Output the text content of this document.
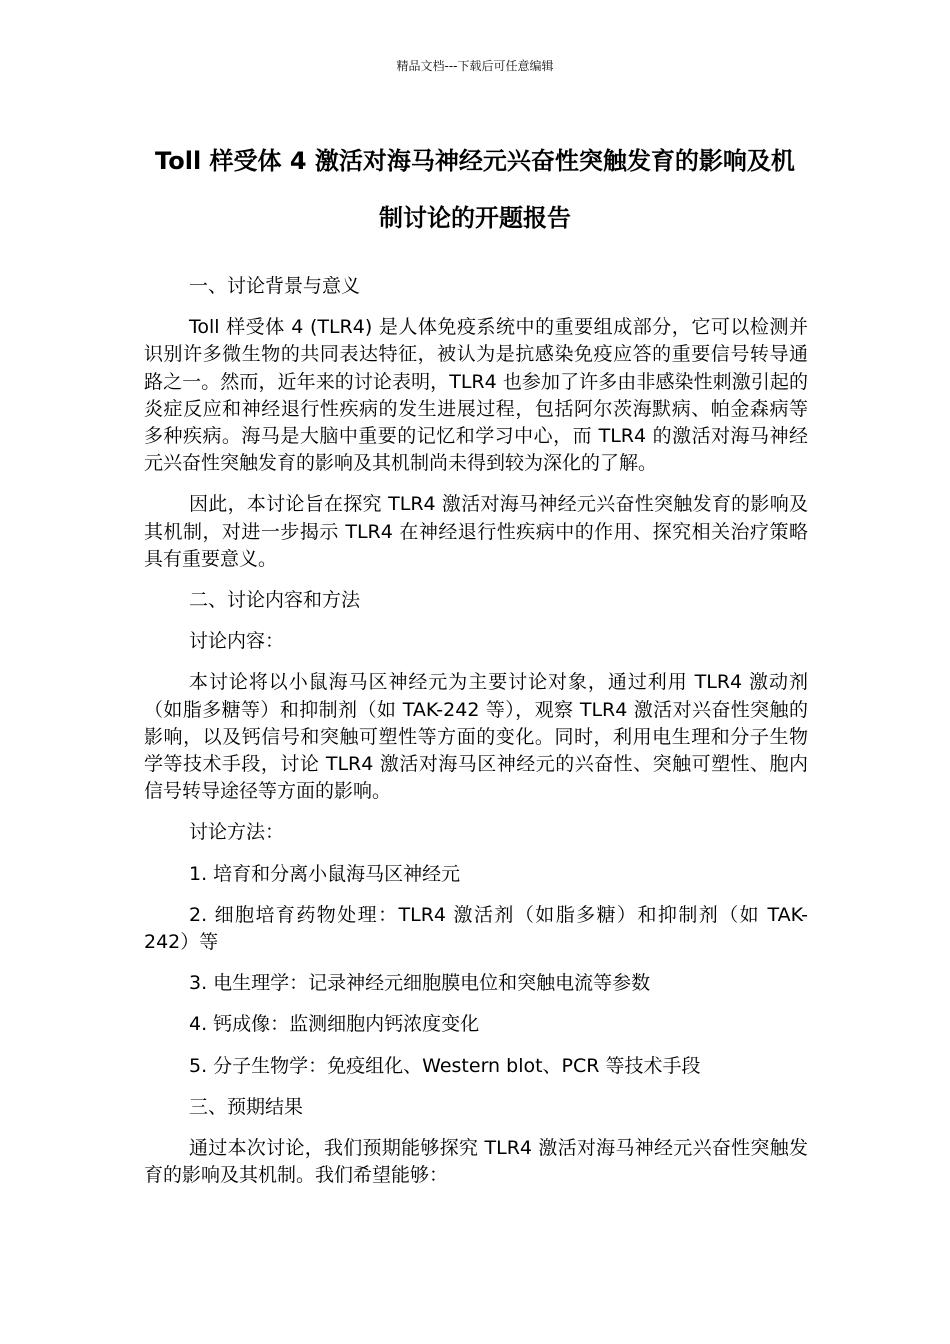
精品文档---下载后可任意编辑
Toll 样受体 4 激活对海马神经元兴奋性突触发育的影响及机制讨论的开题报告

一、讨论背景与意义

Toll 样受体 4 (TLR4) 是人体免疫系统中的重要组成部分，它可以检测并识别许多微生物的共同表达特征，被认为是抗感染免疫应答的重要信号转导通路之一。然而，近年来的讨论表明，TLR4 也参加了许多由非感染性刺激引起的炎症反应和神经退行性疾病的发生进展过程，包括阿尔茨海默病、帕金森病等多种疾病。海马是大脑中重要的记忆和学习中心，而 TLR4 的激活对海马神经元兴奋性突触发育的影响及其机制尚未得到较为深化的了解。

因此，本讨论旨在探究 TLR4 激活对海马神经元兴奋性突触发育的影响及其机制，对进一步揭示 TLR4 在神经退行性疾病中的作用、探究相关治疗策略具有重要意义。

二、讨论内容和方法

讨论内容：

本讨论将以小鼠海马区神经元为主要讨论对象，通过利用 TLR4 激动剂（如脂多糖等）和抑制剂（如 TAK-242 等），观察 TLR4 激活对兴奋性突触的影响，以及钙信号和突触可塑性等方面的变化。同时，利用电生理和分子生物学等技术手段，讨论 TLR4 激活对海马区神经元的兴奋性、突触可塑性、胞内信号转导途径等方面的影响。

讨论方法：

1. 培育和分离小鼠海马区神经元

2. 细胞培育药物处理：TLR4 激活剂（如脂多糖）和抑制剂（如 TAK-242）等

3. 电生理学：记录神经元细胞膜电位和突触电流等参数

4. 钙成像：监测细胞内钙浓度变化

5. 分子生物学：免疫组化、Western blot、PCR 等技术手段

三、预期结果

通过本次讨论，我们预期能够探究 TLR4 激活对海马神经元兴奋性突触发育的影响及其机制。我们希望能够：
